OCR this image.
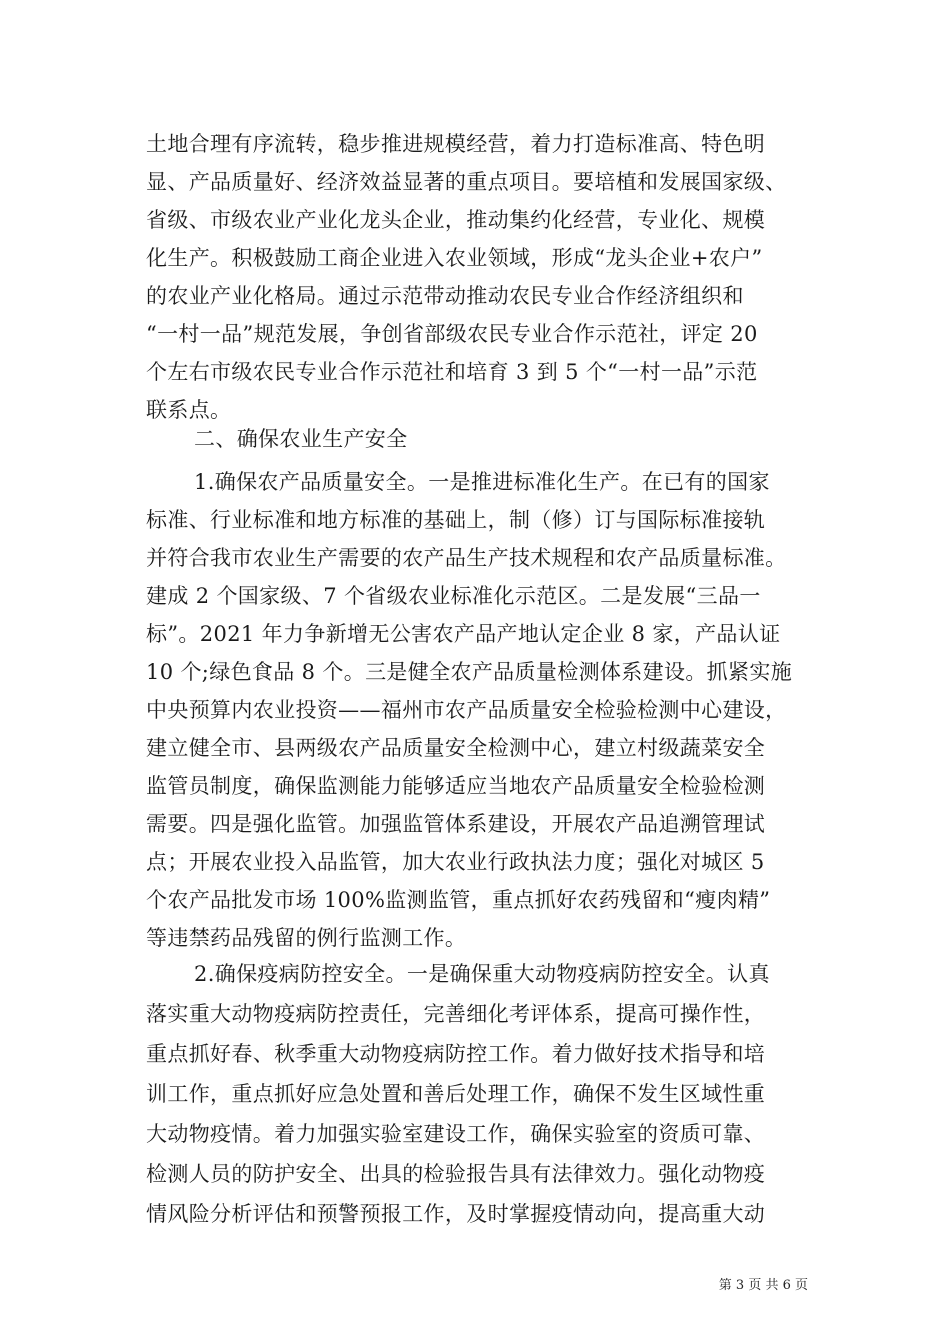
土地合理有序流转，稳步推进规模经营，着力打造标准高、特色明
显、产品质量好、经济效益显著的重点项目。要培植和发展国家级、
省级、市级农业产业化龙头企业，推动集约化经营，专业化、规模
化生产。积极鼓励工商企业进入农业领域，形成“龙头企业+农户”
的农业产业化格局。通过示范带动推动农民专业合作经济组织和
“一村一品”规范发展，争创省部级农民专业合作示范社，评定 20
个左右市级农民专业合作示范社和培育 3 到 5 个“一村一品”示范
联系点。
二、确保农业生产安全
1.确保农产品质量安全。一是推进标准化生产。在已有的国家
标准、行业标准和地方标准的基础上，制（修）订与国际标准接轨
并符合我市农业生产需要的农产品生产技术规程和农产品质量标准。
建成 2 个国家级、7 个省级农业标准化示范区。二是发展“三品一
标”。2021 年力争新增无公害农产品产地认定企业 8 家，产品认证
10 个;绿色食品 8 个。三是健全农产品质量检测体系建设。抓紧实施
中央预算内农业投资——福州市农产品质量安全检验检测中心建设，
建立健全市、县两级农产品质量安全检测中心，建立村级蔬菜安全
监管员制度，确保监测能力能够适应当地农产品质量安全检验检测
需要。四是强化监管。加强监管体系建设，开展农产品追溯管理试
点；开展农业投入品监管，加大农业行政执法力度；强化对城区 5
个农产品批发市场 100%监测监管，重点抓好农药残留和“瘦肉精”
等违禁药品残留的例行监测工作。
2.确保疫病防控安全。一是确保重大动物疫病防控安全。认真
落实重大动物疫病防控责任，完善细化考评体系，提高可操作性，
重点抓好春、秋季重大动物疫病防控工作。着力做好技术指导和培
训工作，重点抓好应急处置和善后处理工作，确保不发生区域性重
大动物疫情。着力加强实验室建设工作，确保实验室的资质可靠、
检测人员的防护安全、出具的检验报告具有法律效力。强化动物疫
情风险分析评估和预警预报工作，及时掌握疫情动向，提高重大动
第 3 页 共 6 页
